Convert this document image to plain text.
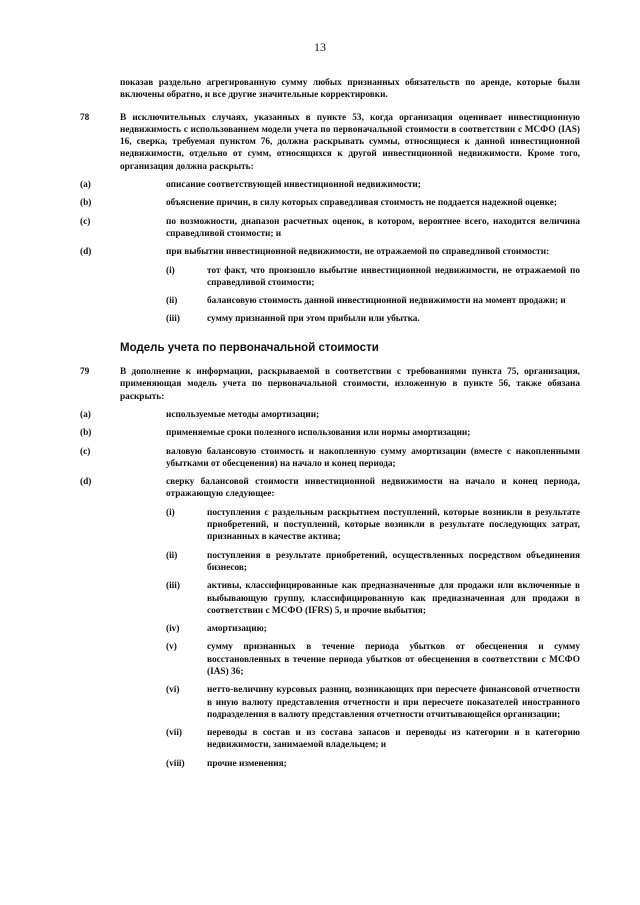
13
показав раздельно агрегированную сумму любых признанных обязательств по аренде, которые были включены обратно, и все другие значительные корректировки.
78	В исключительных случаях, указанных в пункте 53, когда организация оценивает инвестиционную недвижимость с использованием модели учета по первоначальной стоимости в соответствии с МСФО (IAS) 16, сверка, требуемая пунктом 76, должна раскрывать суммы, относящиеся к данной инвестиционной недвижимости, отдельно от сумм, относящихся к другой инвестиционной недвижимости. Кроме того, организация должна раскрыть:
(a)	описание соответствующей инвестиционной недвижимости;
(b)	объяснение причин, в силу которых справедливая стоимость не поддается надежной оценке;
(c)	по возможности, диапазон расчетных оценок, в котором, вероятнее всего, находится величина справедливой стоимости; и
(d)	при выбытии инвестиционной недвижимости, не отражаемой по справедливой стоимости:
(i)	тот факт, что произошло выбытие инвестиционной недвижимости, не отражаемой по справедливой стоимости;
(ii)	балансовую стоимость данной инвестиционной недвижимости на момент продажи; и
(iii)	сумму признанной при этом прибыли или убытка.
Модель учета по первоначальной стоимости
79	В дополнение к информации, раскрываемой в соответствии с требованиями пункта 75, организация, применяющая модель учета по первоначальной стоимости, изложенную в пункте 56, также обязана раскрыть:
(a)	используемые методы амортизации;
(b)	применяемые сроки полезного использования или нормы амортизации;
(c)	валовую балансовую стоимость и накопленную сумму амортизации (вместе с накопленными убытками от обесценения) на начало и конец периода;
(d)	сверку балансовой стоимости инвестиционной недвижимости на начало и конец периода, отражающую следующее:
(i)	поступления с раздельным раскрытием поступлений, которые возникли в результате приобретений, и поступлений, которые возникли в результате последующих затрат, признанных в качестве актива;
(ii)	поступления в результате приобретений, осуществленных посредством объединения бизнесов;
(iii)	активы, классифицированные как предназначенные для продажи или включенные в выбывающую группу, классифицированную как предназначенная для продажи в соответствии с МСФО (IFRS) 5, и прочие выбытия;
(iv)	амортизацию;
(v)	сумму признанных в течение периода убытков от обесценения и сумму восстановленных в течение периода убытков от обесценения в соответствии с МСФО (IAS) 36;
(vi)	нетто-величину курсовых разниц, возникающих при пересчете финансовой отчетности в иную валюту представления отчетности и при пересчете показателей иностранного подразделения в валюту представления отчетности отчитывающейся организации;
(vii)	переводы в состав и из состава запасов и переводы из категории и в категорию недвижимости, занимаемой владельцем; и
(viii) прочие изменения;
